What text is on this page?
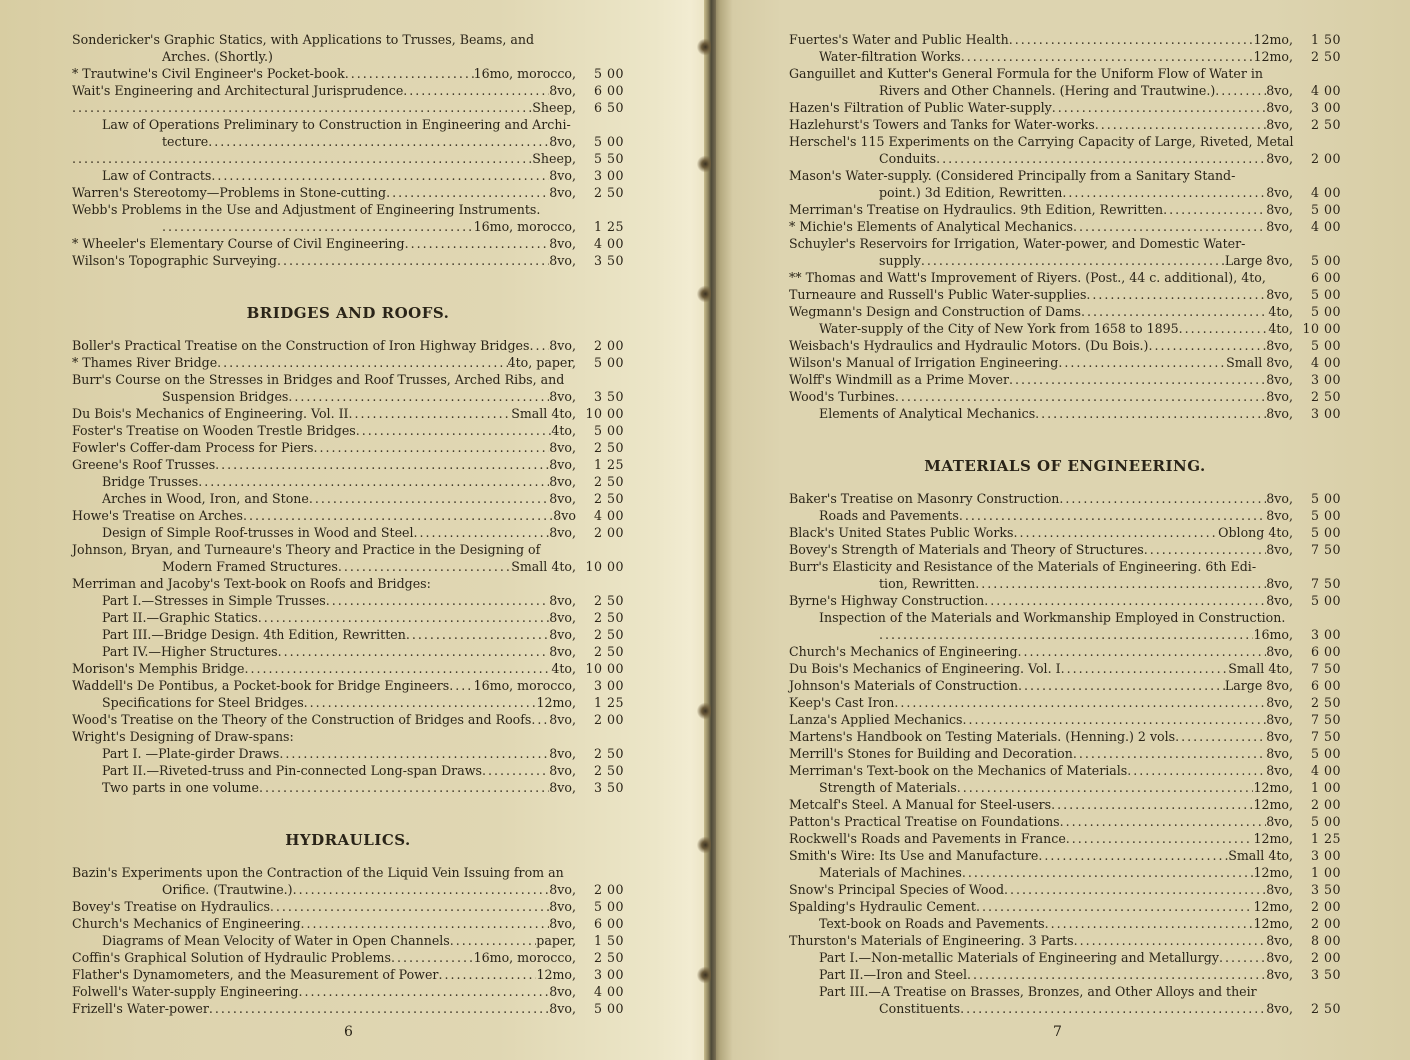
Sondericker's Graphic Statics, with Applications to Trusses, Beams, and
Arches. (Shortly.)
* Trautwine's Civil Engineer's Pocket-book .....	16mo, morocco,	5 00
Wait's Engineering and Architectural Jurisprudence .....	8vo,	6 00
.....
Sheep,	6 50
Law of Operations Preliminary to Construction in Engineering and Archi-
tecture .....	8vo,	5 00
.....
Sheep,	5 50
Law of Contracts .....	8vo,	3 00
Warren's Stereotomy—Problems in Stone-cutting .....	8vo,	2 50
Webb's Problems in the Use and Adjustment of Engineering Instruments.
.....
16mo, morocco,	1 25
* Wheeler's Elementary Course of Civil Engineering .....	8vo,	4 00
Wilson's Topographic Surveying .....	8vo,	3 50
BRIDGES AND ROOFS.
Boller's Practical Treatise on the Construction of Iron Highway Bridges ..... 8vo,	2 00
* Thames River Bridge .....	4to, paper,	5 00
Burr's Course on the Stresses in Bridges and Roof Trusses, Arched Ribs, and
Suspension Bridges .....	8vo,	3 50
Du Bois's Mechanics of Engineering. Vol. II .....	Small 4to, 10 00
Foster's Treatise on Wooden Trestle Bridges .....	4to,	5 00
Fowler's Coffer-dam Process for Piers .....	8vo,	2 50
Greene's Roof Trusses .....	8vo,	1 25
Bridge Trusses .....	8vo,	2 50
Arches in Wood, Iron, and Stone .....	8vo,	2 50
Howe's Treatise on Arches .....	8vo	4 00
Design of Simple Roof-trusses in Wood and Steel .....	8vo,	2 00
Johnson, Bryan, and Turneaure's Theory and Practice in the Designing of
Modern Framed Structures .....	Small 4to, 10 00
Merriman and Jacoby's Text-book on Roofs and Bridges:
Part I.—Stresses in Simple Trusses .....	8vo,	2 50
Part II.—Graphic Statics .....	8vo,	2 50
Part III.—Bridge Design. 4th Edition, Rewritten .....	8vo,	2 50
Part IV.—Higher Structures .....	8vo,	2 50
Morison's Memphis Bridge .....	4to, 10 00
Waddell's De Pontibus, a Pocket-book for Bridge Engineers ..... 16mo, morocco,	3 00
Specifications for Steel Bridges .....	12mo,	1 25
Wood's Treatise on the Theory of the Construction of Bridges and Roofs ..... 8vo,	2 00
Wright's Designing of Draw-spans:
Part I. —Plate-girder Draws .....	8vo,	2 50
Part II.—Riveted-truss and Pin-connected Long-span Draws .....	8vo,	2 50
Two parts in one volume .....	8vo,	3 50
HYDRAULICS.
Bazin's Experiments upon the Contraction of the Liquid Vein Issuing from an
Orifice. (Trautwine.) .....	8vo,	2 00
Bovey's Treatise on Hydraulics .....	8vo,	5 00
Church's Mechanics of Engineering .....	8vo,	6 00
Diagrams of Mean Velocity of Water in Open Channels .....	paper,	1 50
Coffin's Graphical Solution of Hydraulic Problems .....	16mo, morocco,	2 50
Flather's Dynamometers, and the Measurement of Power .....	12mo,	3 00
Folwell's Water-supply Engineering .....	8vo,	4 00
Frizell's Water-power .....	8vo,	5 00
Fuertes's Water and Public Health .....	12mo,	1 50
Water-filtration Works .....	12mo,	2 50
Ganguillet and Kutter's General Formula for the Uniform Flow of Water in
Rivers and Other Channels. (Hering and Trautwine.) .....	8vo,	4 00
Hazen's Filtration of Public Water-supply .....	8vo,	3 00
Hazlehurst's Towers and Tanks for Water-works .....	8vo,	2 50
Herschel's 115 Experiments on the Carrying Capacity of Large, Riveted, Metal
Conduits .....	8vo,	2 00
Mason's Water-supply. (Considered Principally from a Sanitary Stand-
point.) 3d Edition, Rewritten .....	8vo,	4 00
Merriman's Treatise on Hydraulics. 9th Edition, Rewritten .....	8vo,	5 00
* Michie's Elements of Analytical Mechanics .....	8vo,	4 00
Schuyler's Reservoirs for Irrigation, Water-power, and Domestic Water-
supply .....	Large 8vo,	5 00
** Thomas and Watt's Improvement of Riyers. (Post., 44 c. additional), 4to,	6 00
Turneaure and Russell's Public Water-supplies .....	8vo,	5 00
Wegmann's Design and Construction of Dams .....	4to,	5 00
Water-supply of the City of New York from 1658 to 1895 .....	4to, 10 00
Weisbach's Hydraulics and Hydraulic Motors. (Du Bois.) .....	8vo,	5 00
Wilson's Manual of Irrigation Engineering .....	Small 8vo,	4 00
Wolff's Windmill as a Prime Mover .....	8vo,	3 00
Wood's Turbines .....	8vo,	2 50
Elements of Analytical Mechanics .....	8vo,	3 00
MATERIALS OF ENGINEERING.
Baker's Treatise on Masonry Construction .....	8vo,	5 00
Roads and Pavements .....	8vo,	5 00
Black's United States Public Works .....	Oblong 4to,	5 00
Bovey's Strength of Materials and Theory of Structures .....	8vo,	7 50
Burr's Elasticity and Resistance of the Materials of Engineering. 6th Edi-
tion, Rewritten .....	8vo,	7 50
Byrne's Highway Construction .....	8vo,	5 00
Inspection of the Materials and Workmanship Employed in Construction.
.....
16mo,	3 00
Church's Mechanics of Engineering .....	8vo,	6 00
Du Bois's Mechanics of Engineering. Vol. I .....	Small 4to,	7 50
Johnson's Materials of Construction .....	Large 8vo,	6 00
Keep's Cast Iron .....	8vo,	2 50
Lanza's Applied Mechanics .....	8vo,	7 50
Martens's Handbook on Testing Materials. (Henning.) 2 vols .....	8vo,	7 50
Merrill's Stones for Building and Decoration .....	8vo,	5 00
Merriman's Text-book on the Mechanics of Materials .....	8vo,	4 00
Strength of Materials .....	12mo,	1 00
Metcalf's Steel. A Manual for Steel-users .....	12mo,	2 00
Patton's Practical Treatise on Foundations .....	8vo,	5 00
Rockwell's Roads and Pavements in France .....	12mo,	1 25
Smith's Wire: Its Use and Manufacture .....	Small 4to,	3 00
Materials of Machines .....	12mo,	1 00
Snow's Principal Species of Wood .....	8vo,	3 50
Spalding's Hydraulic Cement .....	12mo,	2 00
Text-book on Roads and Pavements .....	12mo,	2 00
Thurston's Materials of Engineering. 3 Parts .....	8vo,	8 00
Part I.—Non-metallic Materials of Engineering and Metallurgy .....	8vo,	2 00
Part II.—Iron and Steel .....	8vo,	3 50
Part III.—A Treatise on Brasses, Bronzes, and Other Alloys and their
Constituents .....	8vo,	2 50
6	7
